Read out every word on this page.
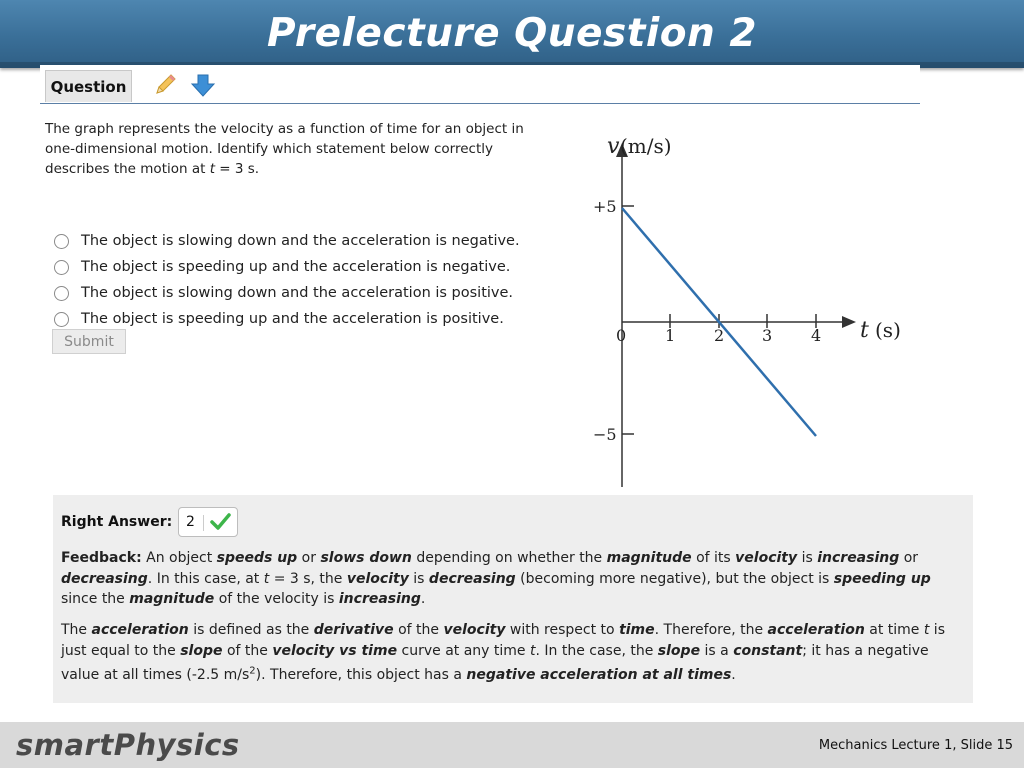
Prelecture Question 2
Question
The graph represents the velocity as a function of time for an object in
one-dimensional motion. Identify which statement below correctly
describes the motion at t = 3 s.
The object is slowing down and the acceleration is negative.
The object is speeding up and the acceleration is negative.
The object is slowing down and the acceleration is positive.
The object is speeding up and the acceleration is positive.
Submit
v (m/s)
t (s)
+5
−5
0 1 2 3 4
Right Answer: 2
Feedback: An object speeds up or slows down depending on whether the magnitude of its velocity is increasing or decreasing. In this case, at t = 3 s, the velocity is decreasing (becoming more negative), but the object is speeding up since the magnitude of the velocity is increasing.
The acceleration is defined as the derivative of the velocity with respect to time. Therefore, the acceleration at time t is just equal to the slope of the velocity vs time curve at any time t. In the case, the slope is a constant; it has a negative value at all times (-2.5 $m/s^2$). Therefore, this object has a negative acceleration at all times.
smartPhysics	Mechanics Lecture 1, Slide 15
